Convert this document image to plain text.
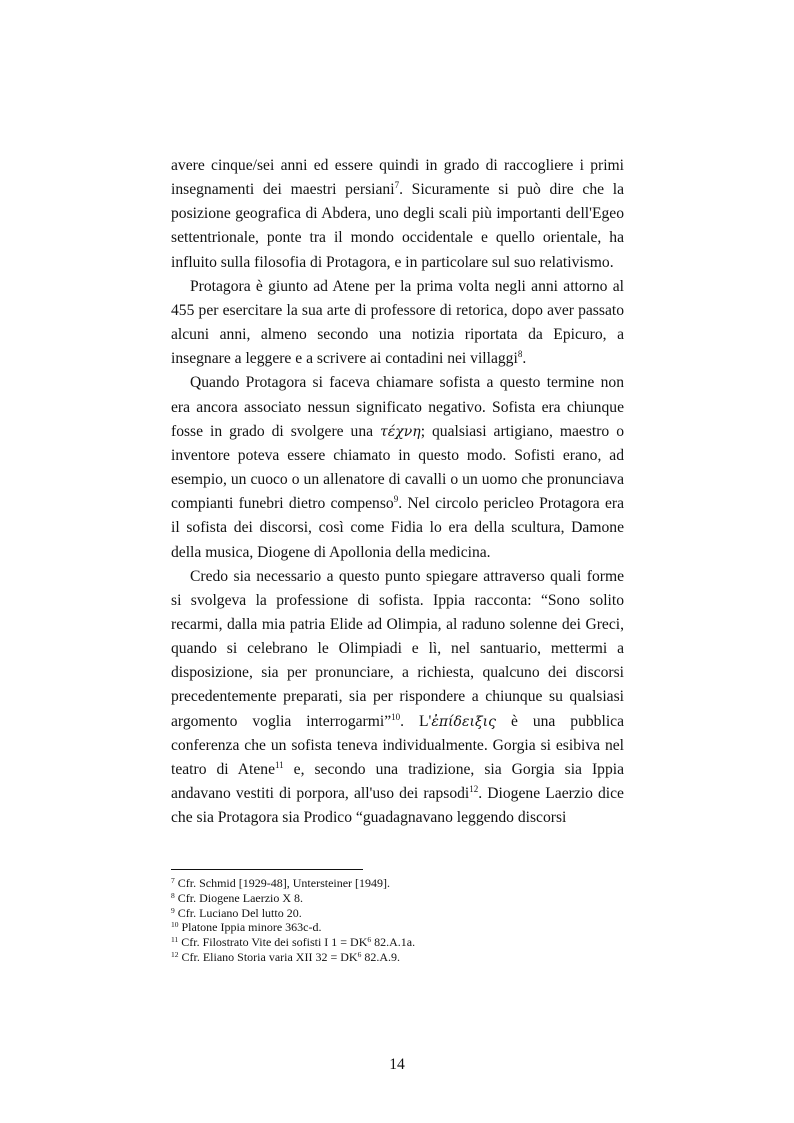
avere cinque/sei anni ed essere quindi in grado di raccogliere i primi insegnamenti dei maestri persiani$^7$. Sicuramente si può dire che la posizione geografica di Abdera, uno degli scali più importanti dell'Egeo settentrionale, ponte tra il mondo occidentale e quello orientale, ha influito sulla filosofia di Protagora, e in particolare sul suo relativismo.

Protagora è giunto ad Atene per la prima volta negli anni attorno al 455 per esercitare la sua arte di professore di retorica, dopo aver passato alcuni anni, almeno secondo una notizia riportata da Epicuro, a insegnare a leggere e a scrivere ai contadini nei villaggi$^8$.

Quando Protagora si faceva chiamare sofista a questo termine non era ancora associato nessun significato negativo. Sofista era chiunque fosse in grado di svolgere una τέχνη; qualsiasi artigiano, maestro o inventore poteva essere chiamato in questo modo. Sofisti erano, ad esempio, un cuoco o un allenatore di cavalli o un uomo che pronunciava compianti funebri dietro compenso$^9$. Nel circolo pericleo Protagora era il sofista dei discorsi, così come Fidia lo era della scultura, Damone della musica, Diogene di Apollonia della medicina.

Credo sia necessario a questo punto spiegare attraverso quali forme si svolgeva la professione di sofista. Ippia racconta: “Sono solito recarmi, dalla mia patria Elide ad Olimpia, al raduno solenne dei Greci, quando si celebrano le Olimpiadi e lì, nel santuario, mettermi a disposizione, sia per pronunciare, a richiesta, qualcuno dei discorsi precedentemente preparati, sia per rispondere a chiunque su qualsiasi argomento voglia interrogarmi”$^{10}$. L'ἐπίδειξις è una pubblica conferenza che un sofista teneva individualmente. Gorgia si esibiva nel teatro di Atene$^{11}$ e, secondo una tradizione, sia Gorgia sia Ippia andavano vestiti di porpora, all'uso dei rapsodi$^{12}$. Diogene Laerzio dice che sia Protagora sia Prodico “guadagnavano leggendo discorsi

$^7$ Cfr. Schmid [1929-48], Untersteiner [1949].
$^8$ Cfr. Diogene Laerzio X 8.
$^9$ Cfr. Luciano Del lutto 20.
$^{10}$ Platone Ippia minore 363c-d.
$^{11}$ Cfr. Filostrato Vite dei sofisti I $1 = DK^6$ 82.A.1a.
$^{12}$ Cfr. Eliano Storia varia XII $32 = DK^6$ 82.A.9.
14
